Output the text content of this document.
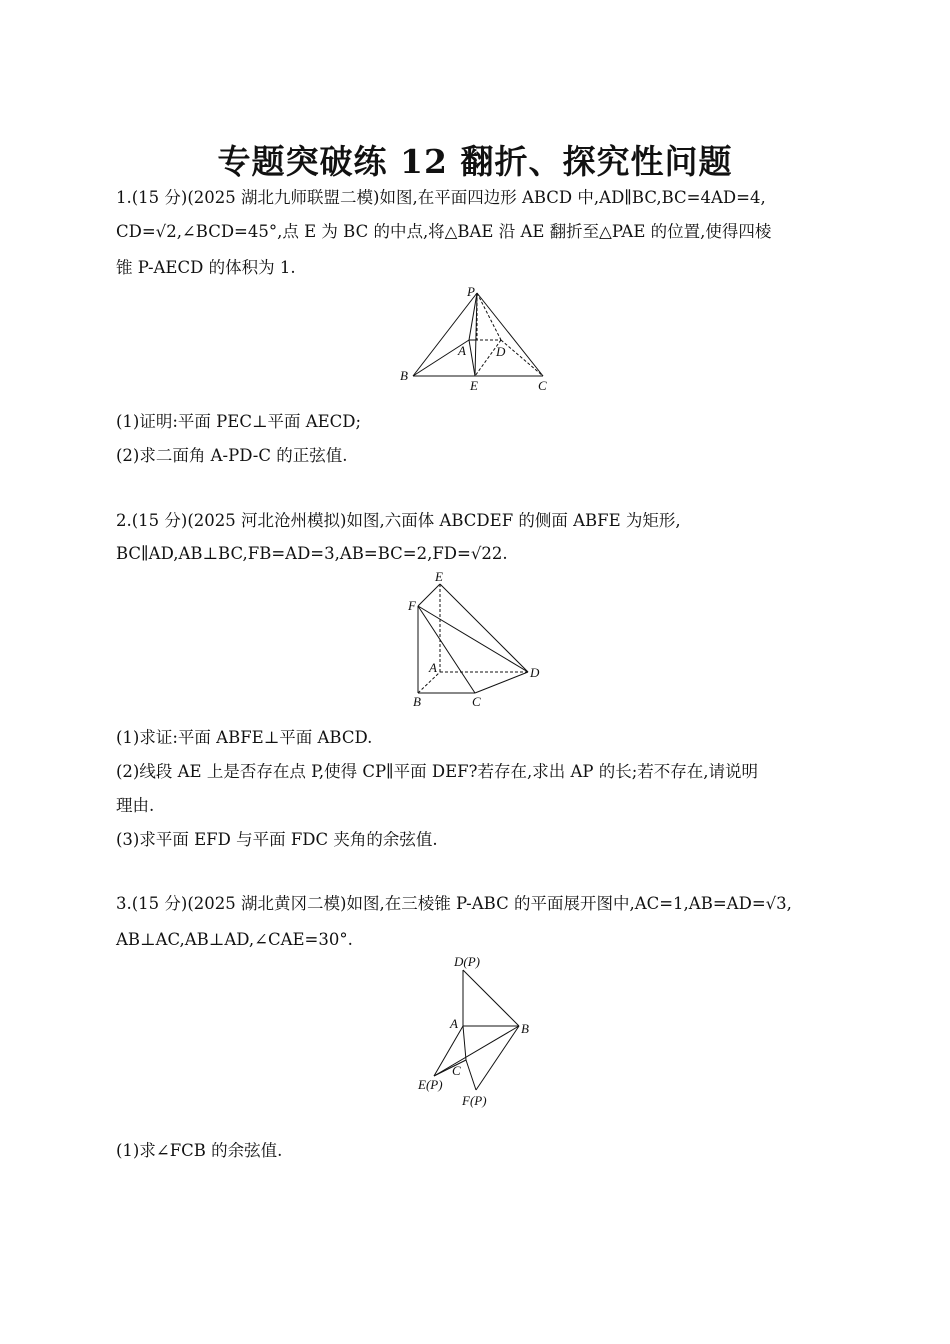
专题突破练 12 翻折、探究性问题
1.(15 分)(2025 湖北九师联盟二模)如图,在平面四边形 ABCD 中,AD∥BC,BC=4AD=4,
CD=√2,∠BCD=45°,点 E 为 BC 的中点,将△BAE 沿 AE 翻折至△PAE 的位置,使得四棱
锥 P-AECD 的体积为 1.
P
A D
B
E	C
(1)证明:平面 PEC⊥平面 AECD;
(2)求二面角 A-PD-C 的正弦值.
2.(15 分)(2025 河北沧州模拟)如图,六面体 ABCDEF 的侧面 ABFE 为矩形,
BC∥AD,AB⊥BC,FB=AD=3,AB=BC=2,FD=√22.
E
F
A	D
B	C
(1)求证:平面 ABFE⊥平面 ABCD.
(2)线段 AE 上是否存在点 P,使得 CP∥平面 DEF?若存在,求出 AP 的长;若不存在,请说明
理由.
(3)求平面 EFD 与平面 FDC 夹角的余弦值.
3.(15 分)(2025 湖北黄冈二模)如图,在三棱锥 P-ABC 的平面展开图中,AC=1,AB=AD=√3,
AB⊥AC,AB⊥AD,∠CAE=30°.
D(P)
A	B
C
E(P)
F(P)
(1)求∠FCB 的余弦值.
